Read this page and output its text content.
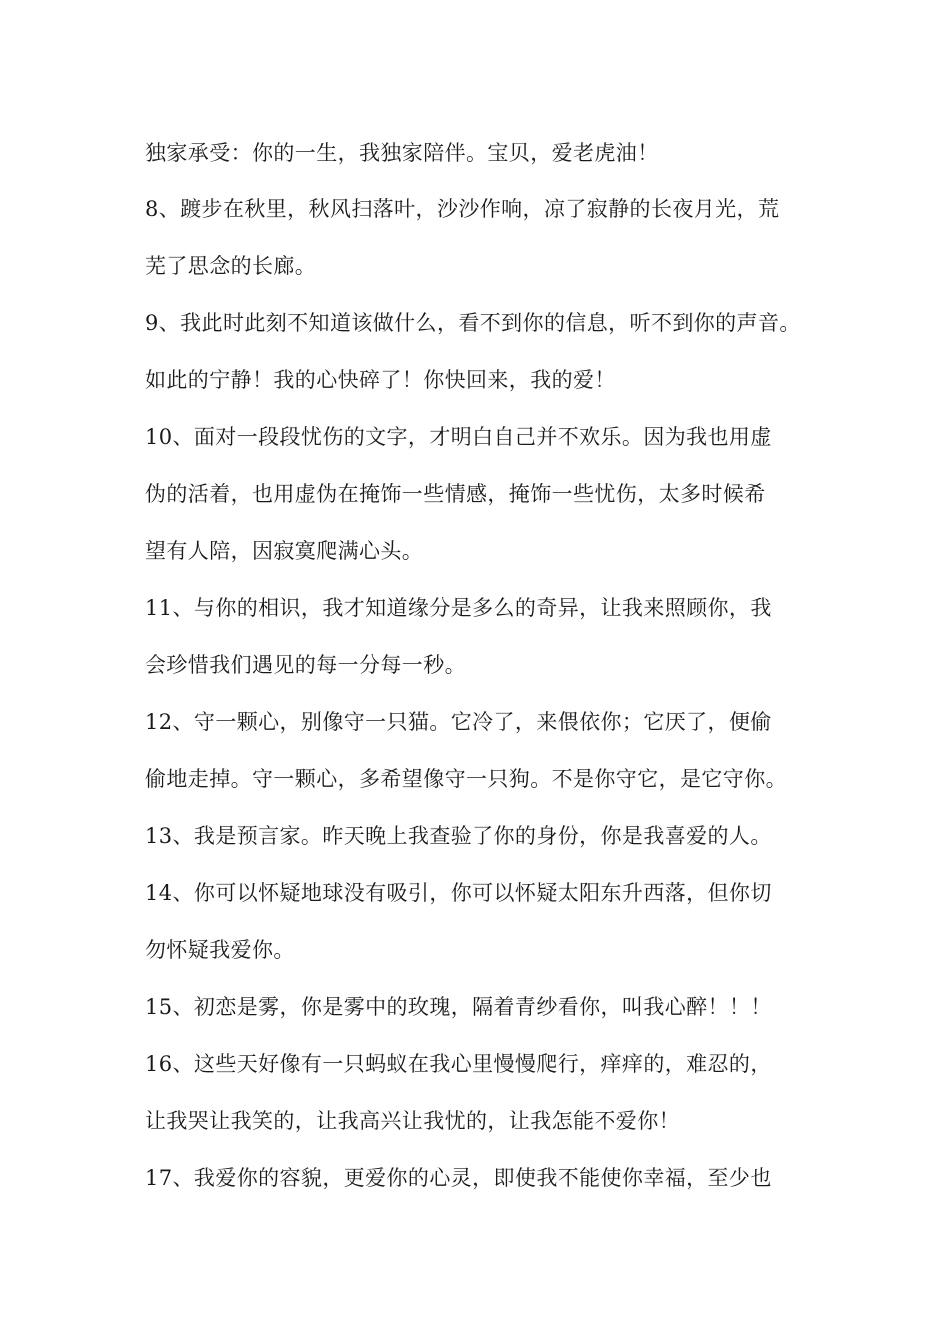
独家承受：你的一生，我独家陪伴。宝贝，爱老虎油！
8、踱步在秋里，秋风扫落叶，沙沙作响，凉了寂静的长夜月光，荒
芜了思念的长廊。
9、我此时此刻不知道该做什么，看不到你的信息，听不到你的声音。
如此的宁静！我的心快碎了！你快回来，我的爱！
10、面对一段段忧伤的文字，才明白自己并不欢乐。因为我也用虚
伪的活着，也用虚伪在掩饰一些情感，掩饰一些忧伤，太多时候希
望有人陪，因寂寞爬满心头。
11、与你的相识，我才知道缘分是多么的奇异，让我来照顾你，我
会珍惜我们遇见的每一分每一秒。
12、守一颗心，别像守一只猫。它冷了，来偎依你；它厌了，便偷
偷地走掉。守一颗心，多希望像守一只狗。不是你守它，是它守你。
13、我是预言家。昨天晚上我查验了你的身份，你是我喜爱的人。
14、你可以怀疑地球没有吸引，你可以怀疑太阳东升西落，但你切
勿怀疑我爱你。
15、初恋是雾，你是雾中的玫瑰，隔着青纱看你，叫我心醉！！！
16、这些天好像有一只蚂蚁在我心里慢慢爬行，痒痒的，难忍的，
让我哭让我笑的，让我高兴让我忧的，让我怎能不爱你！
17、我爱你的容貌，更爱你的心灵，即使我不能使你幸福，至少也
